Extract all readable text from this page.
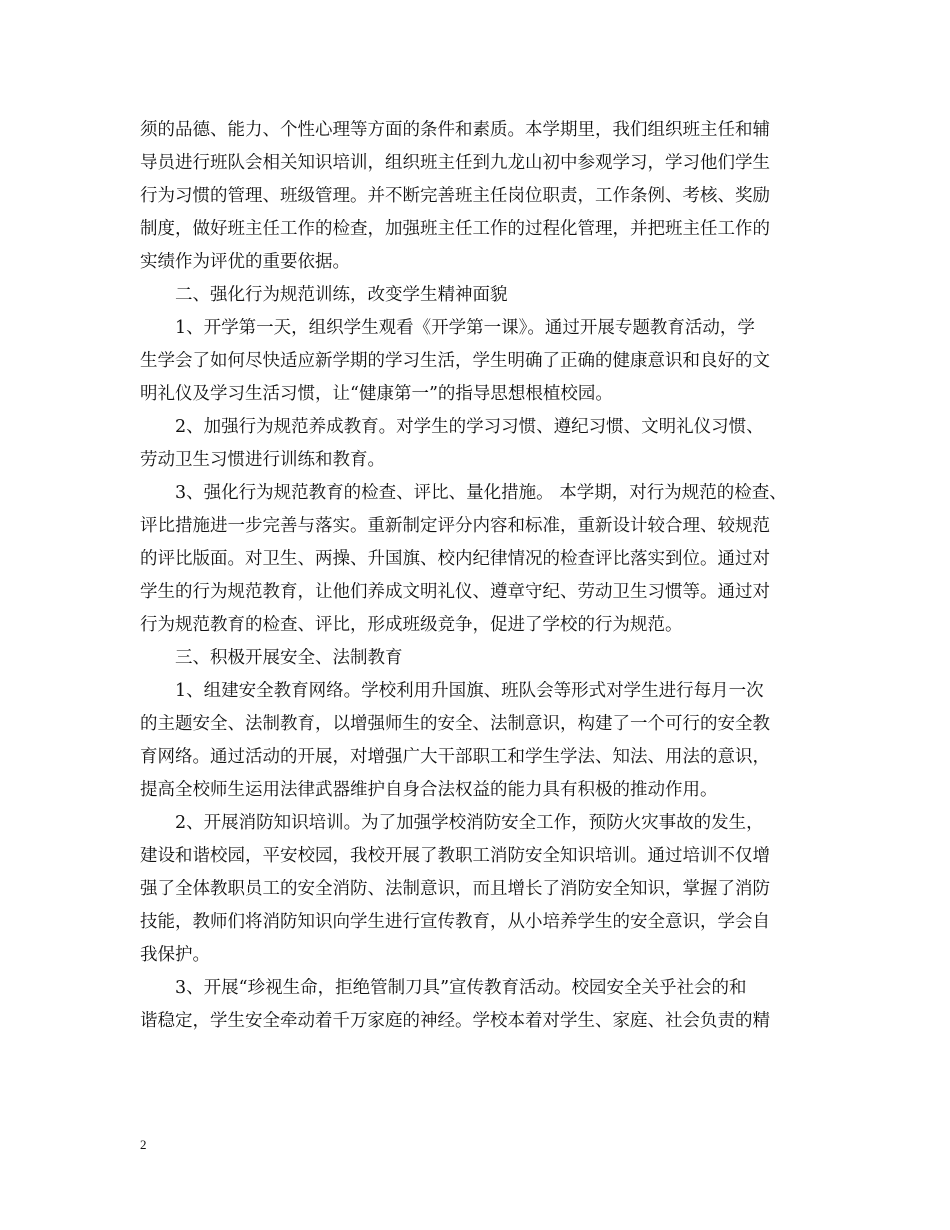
须的品德、能力、个性心理等方面的条件和素质。本学期里，我们组织班主任和辅
导员进行班队会相关知识培训，组织班主任到九龙山初中参观学习，学习他们学生
行为习惯的管理、班级管理。并不断完善班主任岗位职责，工作条例、考核、奖励
制度，做好班主任工作的检查，加强班主任工作的过程化管理，并把班主任工作的
实绩作为评优的重要依据。
二、强化行为规范训练，改变学生精神面貌
1、开学第一天，组织学生观看《开学第一课》。通过开展专题教育活动，学
生学会了如何尽快适应新学期的学习生活，学生明确了正确的健康意识和良好的文
明礼仪及学习生活习惯，让“健康第一”的指导思想根植校园。
2、加强行为规范养成教育。对学生的学习习惯、遵纪习惯、文明礼仪习惯、
劳动卫生习惯进行训练和教育。
3、强化行为规范教育的检查、评比、量化措施。 本学期，对行为规范的检查、
评比措施进一步完善与落实。重新制定评分内容和标准，重新设计较合理、较规范
的评比版面。对卫生、两操、升国旗、校内纪律情况的检查评比落实到位。通过对
学生的行为规范教育，让他们养成文明礼仪、遵章守纪、劳动卫生习惯等。通过对
行为规范教育的检查、评比，形成班级竞争，促进了学校的行为规范。
三、积极开展安全、法制教育
1、组建安全教育网络。学校利用升国旗、班队会等形式对学生进行每月一次
的主题安全、法制教育，以增强师生的安全、法制意识，构建了一个可行的安全教
育网络。通过活动的开展，对增强广大干部职工和学生学法、知法、用法的意识，
提高全校师生运用法律武器维护自身合法权益的能力具有积极的推动作用。
2、开展消防知识培训。为了加强学校消防安全工作，预防火灾事故的发生，
建设和谐校园，平安校园，我校开展了教职工消防安全知识培训。通过培训不仅增
强了全体教职员工的安全消防、法制意识，而且增长了消防安全知识，掌握了消防
技能，教师们将消防知识向学生进行宣传教育，从小培养学生的安全意识，学会自
我保护。
3、开展“珍视生命，拒绝管制刀具”宣传教育活动。校园安全关乎社会的和
谐稳定，学生安全牵动着千万家庭的神经。学校本着对学生、家庭、社会负责的精
2
